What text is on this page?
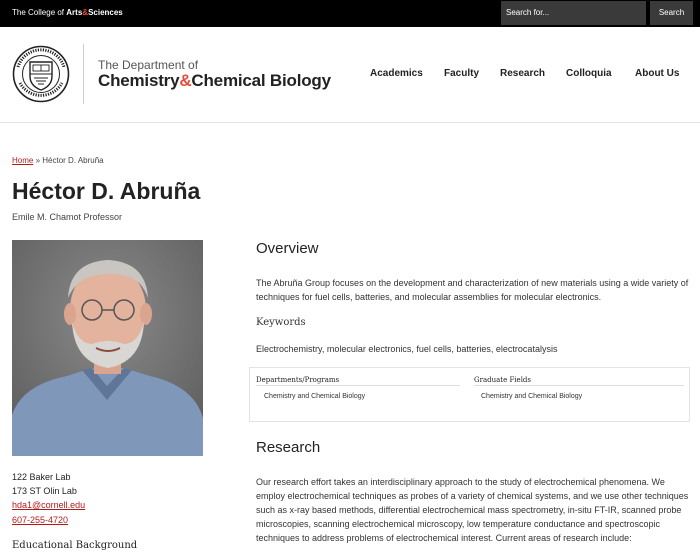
The College of Arts&Sciences	Search for...	Search
The Department of
Chemistry&Chemical Biology	Academics Faculty Research Colloquia About Us
Home » Héctor D. Abruña
Héctor D. Abruña
Emile M. Chamot Professor
122 Baker Lab
173 ST Olin Lab
hda1@cornell.edu
607-255-4720
Educational Background
Overview
The Abruña Group focuses on the development and characterization of new materials using a wide variety of techniques for fuel cells, batteries, and molecular assemblies for molecular electronics.
Keywords
Electrochemistry, molecular electronics, fuel cells, batteries, electrocatalysis
Departments/Programs	Graduate Fields
Chemistry and Chemical Biology	Chemistry and Chemical Biology
Research
Our research effort takes an interdisciplinary approach to the study of electrochemical phenomena. We employ electrochemical techniques as probes of a variety of chemical systems, and we use other techniques such as x-ray based methods, differential electrochemical mass spectrometry, in-situ FT-IR, scanned probe microscopies, scanning electrochemical microscopy, low temperature conductance and spectroscopic techniques to address problems of electrochemical interest. Current areas of research include:
